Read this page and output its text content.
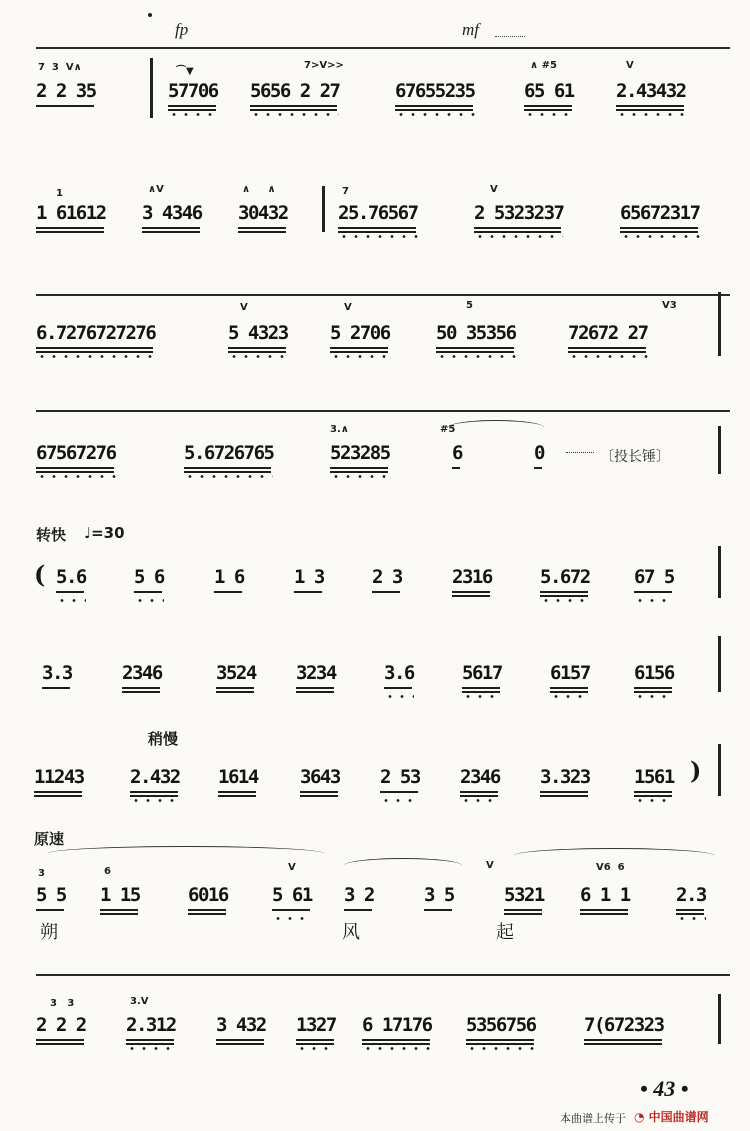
fp	mf
7  3  V∧
2 2 35
⌒▼
57706
7>V>>
5656 2 27	67655235
∧ #5
65 61
V
2.43432
1
1 61612
∧V
3 4346
∧     ∧
30432
7
25.76567
V
2 5323237	65672317
6.7276727276
V
5 4323
V
5 2706
5
50 35356
V3
72672 27
67567276	5.6726765
3.∧
523285
#5
6	0	〔投长锤〕
转快 ♩=30
( 5.6	5 6	1 6	1 3	2 3	2316	5.672 67 5
3.3	2346	3524 3234	3.6	5617	6157 6156
稍慢
11243 2.432 1614 3643 2 53 2346 3.323 1561 )
原速
3
5 5
6
1 15	6016
V
5 61 3 2	3 5
V
5321
V6  6
6 1 1 2.3
朔	风	起
3   3
2 2 2
3.V
2.312 3 432 1327 6 17176 5356756	7(672323
• 43 •
本曲谱上传于 ◔ 中国曲谱网
